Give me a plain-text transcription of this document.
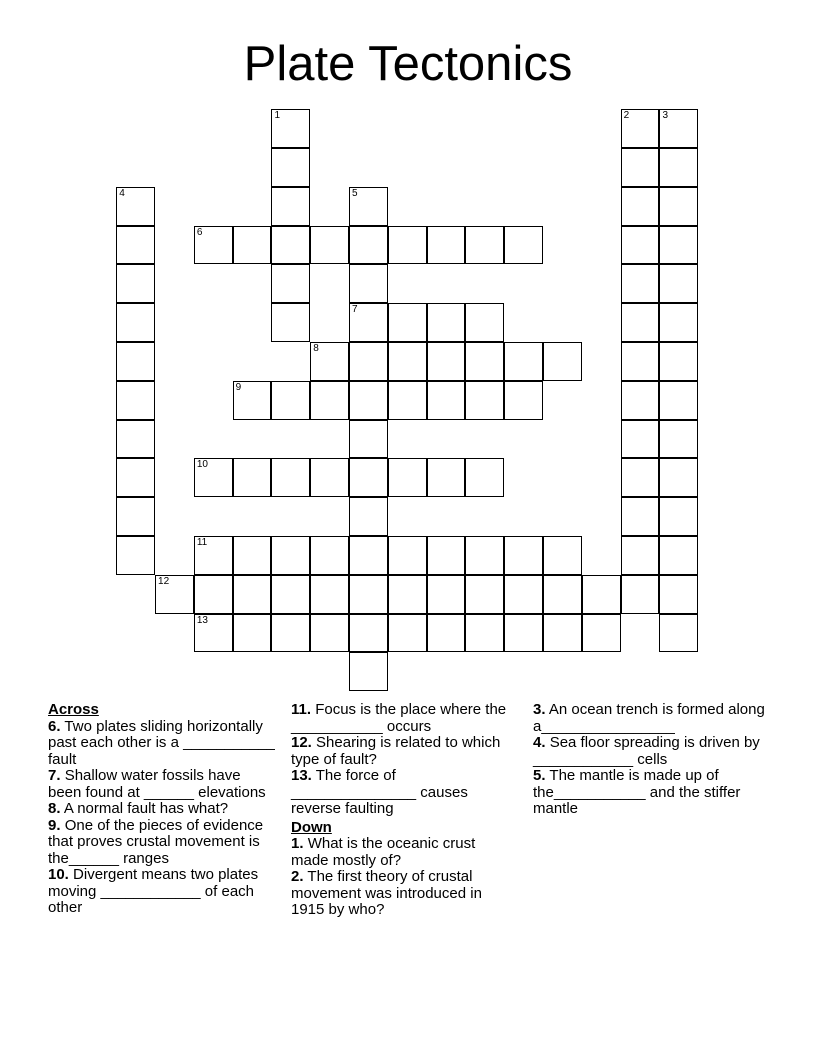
Plate Tectonics
1	2	3
4	5
7
6
8
9
10
11
12
13
Across
6. Two plates sliding horizontally past each other is a ___________ fault
7. Shallow water fossils have been found at ______ elevations
8. A normal fault has what?
9. One of the pieces of evidence that proves crustal movement is the______ ranges
10. Divergent means two plates moving ____________ of each other
11. Focus is the place where the ___________ occurs
12. Shearing is related to which type of fault?
13. The force of _______________ causes reverse faulting
Down
1. What is the oceanic crust made mostly of?
2. The first theory of crustal movement was introduced in 1915 by who?
3. An ocean trench is formed along a________________
4. Sea floor spreading is driven by ____________ cells
5. The mantle is made up of the___________ and the stiffer mantle
